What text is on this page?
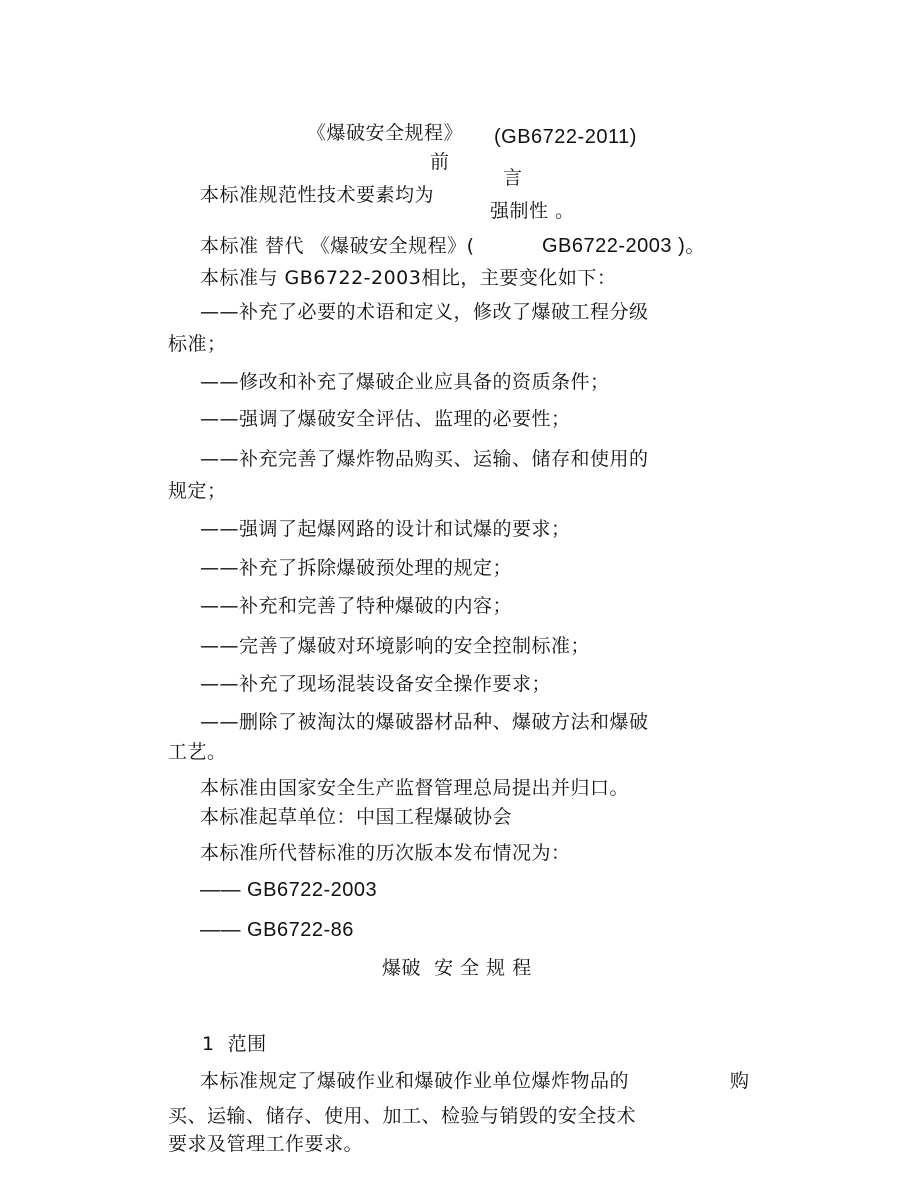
《爆破安全规程》 (GB6722-2011)
前
言
本标准规范性技术要素均为
强制性 。
本标准 替代 《爆破安全规程》(	GB6722-2003 )。
本标准与 GB6722-2003相比，主要变化如下：
——补充了必要的术语和定义，修改了爆破工程分级
标准；
——修改和补充了爆破企业应具备的资质条件；
——强调了爆破安全评估、监理的必要性；
——补充完善了爆炸物品购买、运输、储存和使用的
规定；
——强调了起爆网路的设计和试爆的要求；
——补充了拆除爆破预处理的规定；
——补充和完善了特种爆破的内容；
——完善了爆破对环境影响的安全控制标准；
——补充了现场混装设备安全操作要求；
——删除了被淘汰的爆破器材品种、爆破方法和爆破
工艺。
本标准由国家安全生产监督管理总局提出并归口。
本标准起草单位：中国工程爆破协会
本标准所代替标准的历次版本发布情况为：
—— GB6722-2003
—— GB6722-86
爆破  安 全 规 程
1  范围
本标准规定了爆破作业和爆破作业单位爆炸物品的	购
买、运输、储存、使用、加工、检验与销毁的安全技术
要求及管理工作要求。
